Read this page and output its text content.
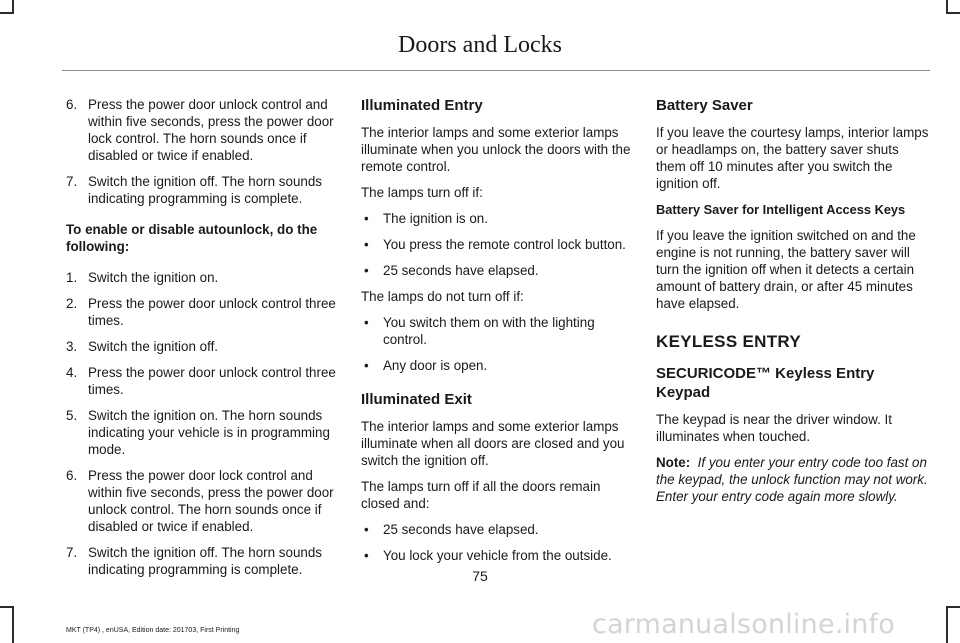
Doors and Locks
6. Press the power door unlock control and within five seconds, press the power door lock control. The horn sounds once if disabled or twice if enabled.
7. Switch the ignition off. The horn sounds indicating programming is complete.

To enable or disable autounlock, do the following:

1. Switch the ignition on.
2. Press the power door unlock control three times.
3. Switch the ignition off.
4. Press the power door unlock control three times.
5. Switch the ignition on. The horn sounds indicating your vehicle is in programming mode.
6. Press the power door lock control and within five seconds, press the power door unlock control. The horn sounds once if disabled or twice if enabled.
7. Switch the ignition off. The horn sounds indicating programming is complete.
Illuminated Entry

The interior lamps and some exterior lamps illuminate when you unlock the doors with the remote control.

The lamps turn off if:

• The ignition is on.
• You press the remote control lock button.
• 25 seconds have elapsed.

The lamps do not turn off if:

• You switch them on with the lighting control.
• Any door is open.
Illuminated Exit

The interior lamps and some exterior lamps illuminate when all doors are closed and you switch the ignition off.

The lamps turn off if all the doors remain closed and:

• 25 seconds have elapsed.
• You lock your vehicle from the outside.
Battery Saver

If you leave the courtesy lamps, interior lamps or headlamps on, the battery saver shuts them off 10 minutes after you switch the ignition off.

Battery Saver for Intelligent Access Keys

If you leave the ignition switched on and the engine is not running, the battery saver will turn the ignition off when it detects a certain amount of battery drain, or after 45 minutes have elapsed.

KEYLESS ENTRY
SECURICODE™ Keyless Entry Keypad

The keypad is near the driver window. It illuminates when touched.

Note: If you enter your entry code too fast on the keypad, the unlock function may not work. Enter your entry code again more slowly.

75
MKT (TP4) , enUSA, Edition date: 201703, First Printing	carmanualsonline.info
